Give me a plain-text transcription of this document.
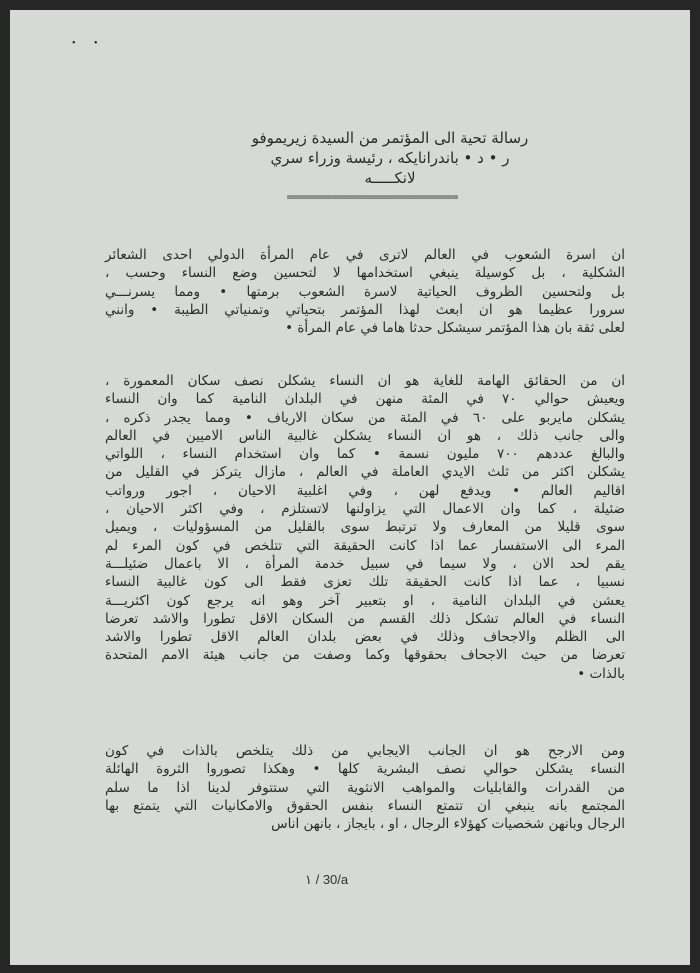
• •
رسالة تحية الى المؤتمر من السيدة زيريموفو
ر • د • باندرانايكه ، رئيسة وزراء سري
لانكـــــه
==================================
ان اسرة الشعوب في العالم لاترى في عام المرأة الدولي احدى الشعائر
الشكلية ، بل كوسيلة ينبغي استخدامها لا لتحسين وضع النساء وحسب ،
بل ولتحسين الظروف الحياتية لاسرة الشعوب برمتها • ومما يسرنـــي
سرورا عظيما هو ان ابعث لهذا المؤتمر بتحياتي وتمنياتي الطيبة • وانني
لعلى ثقة بان هذا المؤتمر سيشكل حدثا هاما في عام المرأة •
ان من الحقائق الهامة للغاية هو ان النساء يشكلن نصف سكان المعمورة ،
ويعيش حوالي ٧٠ في المئة منهن في البلدان النامية كما وان النساء
يشكلن مايربو على ٦٠ في المئة من سكان الارياف • ومما يجدر ذكره ،
والى جانب ذلك ، هو ان النساء يشكلن غالبية الناس الاميين في العالم
والبالغ عددهم ٧٠٠ مليون نسمة • كما وان استخدام النساء ، اللواتي
يشكلن اكثر من ثلث الايدي العاملة في العالم ، مازال يتركز في القليل من
اقاليم العالم • ويدفع لهن ، وفي اغلبية الاحيان ، اجور ورواتب
ضئيلة ، كما وان الاعمال التي يزاولنها لاتستلزم ، وفي اكثر الاحيان ،
سوى قليلا من المعارف ولا ترتبط سوى بالقليل من المسؤوليات ، ويميل
المرء الى الاستفسار عما اذا كانت الحقيقة التي تتلخص في كون المرء لم
يقم لحد الان ، ولا سيما في سبيل خدمة المرأة ، الا باعمال ضئيلـــة
نسبيا ، عما اذا كانت الحقيقة تلك تعزى فقط الى كون غالبية النساء
يعشن في البلدان النامية ، او بتعبير آخر وهو انه يرجع كون اكثريـــة
النساء في العالم تشكل ذلك القسم من السكان الاقل تطورا والاشد تعرضا
الى الظلم والاجحاف وذلك في بعض بلدان العالم الاقل تطورا والاشد
تعرضا من حيث الاجحاف بحقوقها وكما وصفت من جانب هيئة الامم المتحدة
بالذات •
ومن الارجح هو ان الجانب الايجابي من ذلك يتلخص بالذات في كون
النساء يشكلن حوالي نصف البشرية كلها • وهكذا تصوروا الثروة الهائلة
من القدرات والقابليات والمواهب الانثوية التي ستتوفر لدينا اذا ما سلم
المجتمع بانه ينبغي ان تتمتع النساء بنفس الحقوق والامكانيات التي يتمتع بها
الرجال وبانهن شخصيات كهؤلاء الرجال ، او ، بايجاز ، بانهن اناس
١ / 30/a
